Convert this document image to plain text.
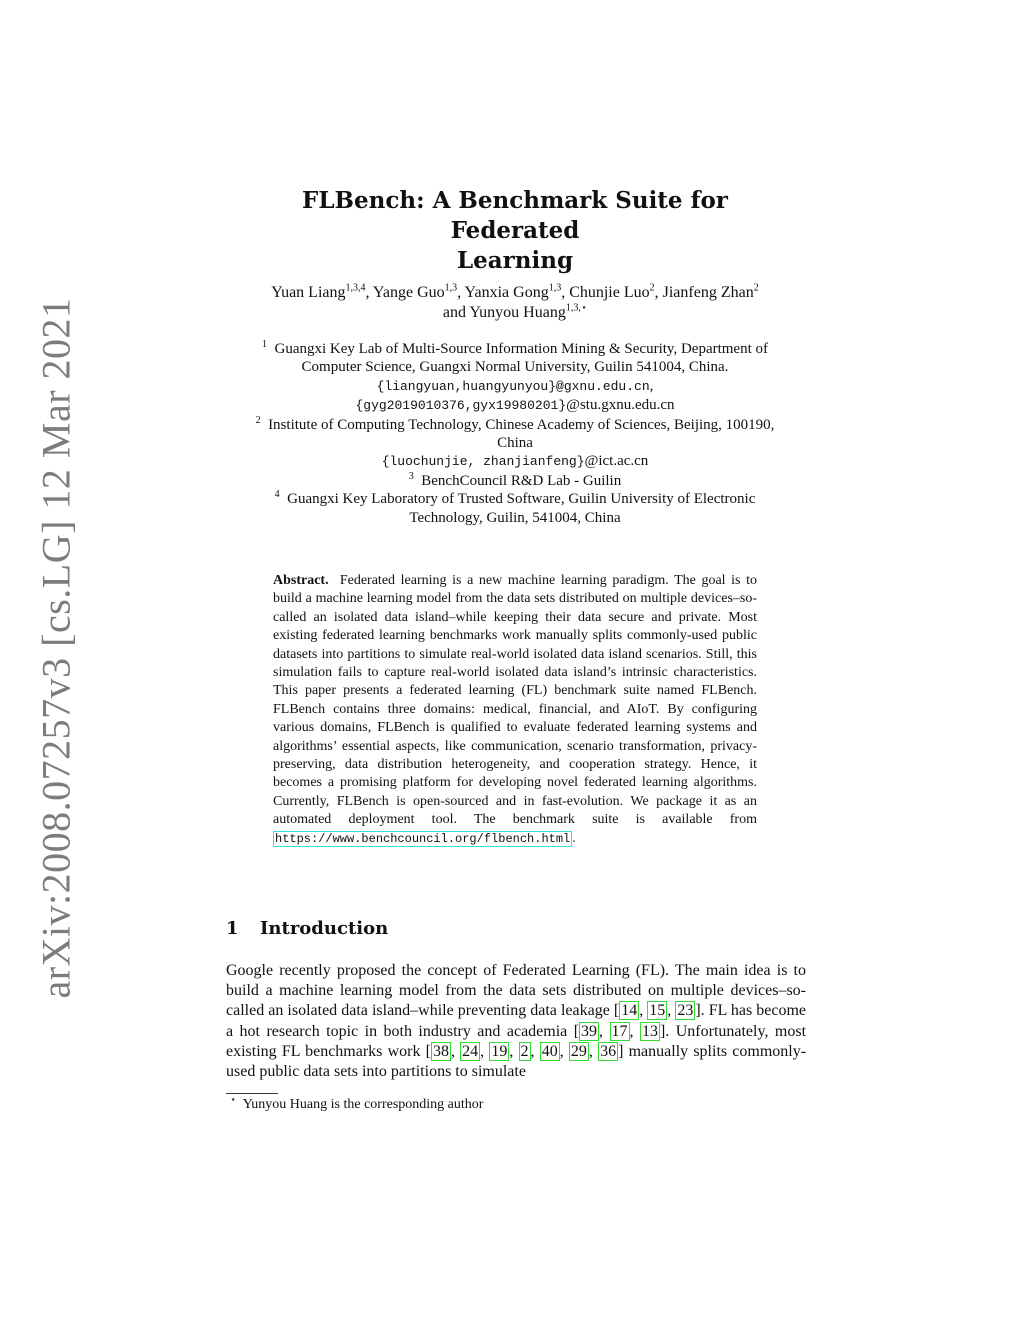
arXiv:2008.07257v3 [cs.LG] 12 Mar 2021
FLBench: A Benchmark Suite for Federated
Learning
Yuan Liang$^{1,3,4}$, Yange Guo$^{1,3}$, Yanxia Gong$^{1,3}$, Chunjie Luo$^2$, Jianfeng Zhan$^2$
and Yunyou Huang$^{1,3,⋆}$
$^1$ Guangxi Key Lab of Multi-Source Information Mining & Security, Department of
Computer Science, Guangxi Normal University, Guilin 541004, China.
{liangyuan,huangyunyou}@gxnu.edu.cn,
{gyg2019010376,gyx19980201}@stu.gxnu.edu.cn
$^2$ Institute of Computing Technology, Chinese Academy of Sciences, Beijing, 100190,
China
{luochunjie, zhanjianfeng}@ict.ac.cn
$^3$ BenchCouncil R&D Lab - Guilin
$^4$ Guangxi Key Laboratory of Trusted Software, Guilin University of Electronic
Technology, Guilin, 541004, China
Abstract. Federated learning is a new machine learning paradigm. The goal is to build a machine learning model from the data sets distributed on multiple devices–so-called an isolated data island–while keeping their data secure and private. Most existing federated learning benchmarks work manually splits commonly-used public datasets into partitions to simulate real-world isolated data island scenarios. Still, this simulation fails to capture real-world isolated data island’s intrinsic characteristics. This paper presents a federated learning (FL) benchmark suite named FLBench. FLBench contains three domains: medical, financial, and AIoT. By configuring various domains, FLBench is qualified to evaluate federated learning systems and algorithms’ essential aspects, like communication, scenario transformation, privacy-preserving, data distribution heterogeneity, and cooperation strategy. Hence, it becomes a promising platform for developing novel federated learning algorithms. Currently, FLBench is open-sourced and in fast-evolution. We package it as an automated deployment tool. The benchmark suite is available from https://www.benchcouncil.org/flbench.html .
1 Introduction
Google recently proposed the concept of Federated Learning (FL). The main idea is to build a machine learning model from the data sets distributed on multiple devices–so-called an isolated data island–while preventing data leakage [ 14 , 15 , 23 ]. FL has become a hot research topic in both industry and academia [ 39 , 17 , 13 ]. Unfortunately, most existing FL benchmarks work [ 38 , 24 , 19 , 2 , 40 , 29 , 36 ] manually splits commonly-used public data sets into partitions to simulate
⋆ Yunyou Huang is the corresponding author
